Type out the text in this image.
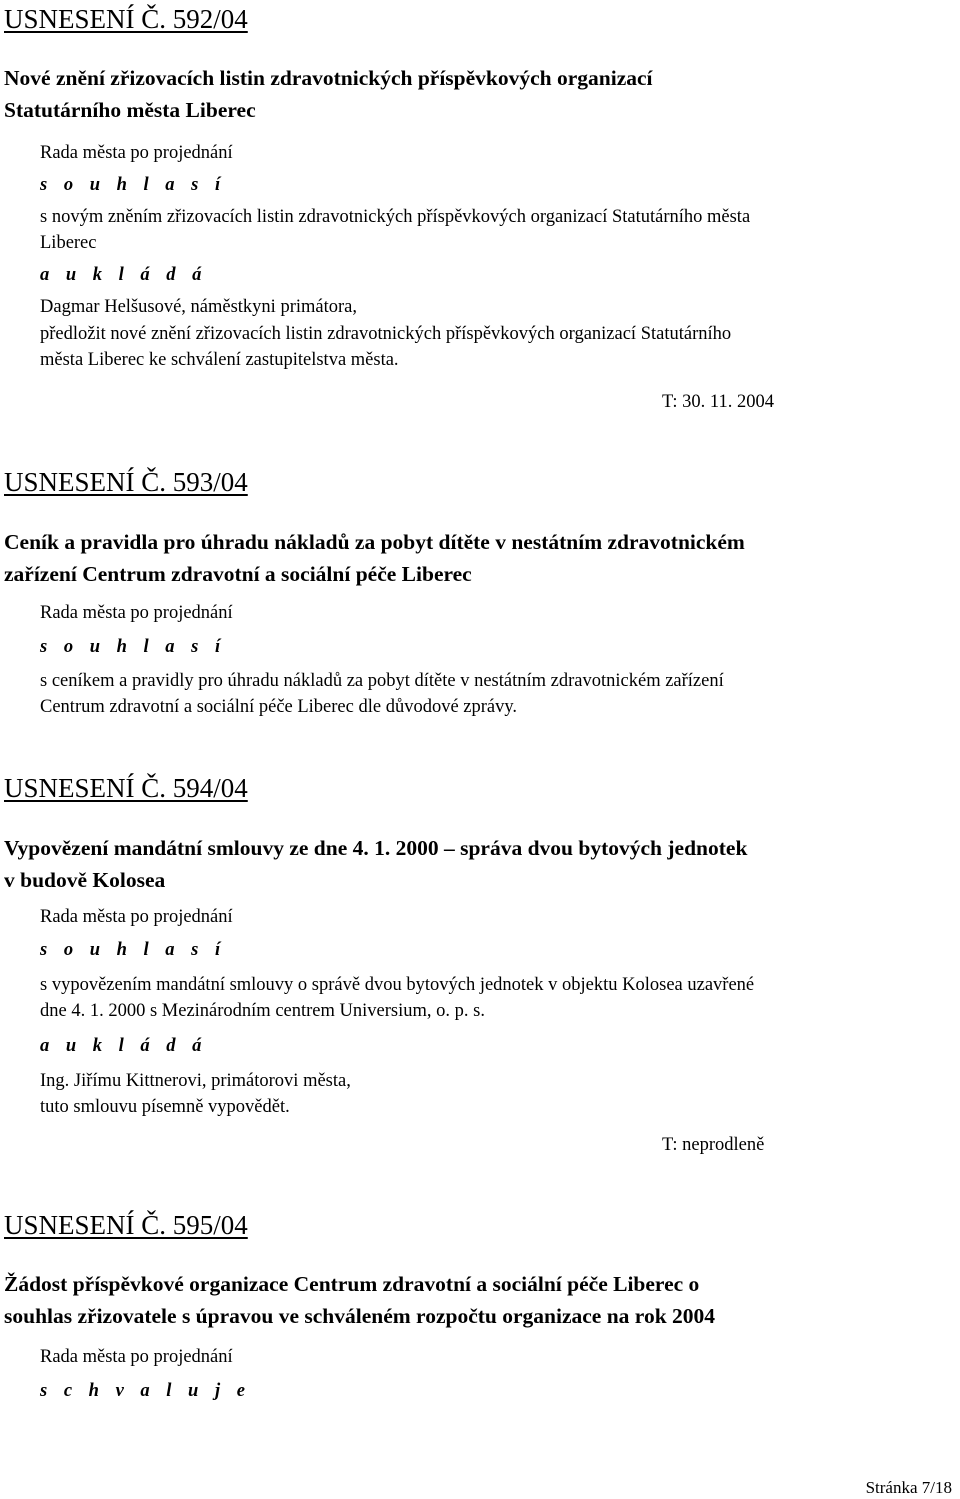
USNESENÍ Č. 592/04
Nové znění zřizovacích listin zdravotnických příspěvkových organizací
Statutárního města Liberec
Rada města po projednání
s o u h l a s í
s novým zněním zřizovacích listin zdravotnických příspěvkových organizací Statutárního města
Liberec
a u k l á d á
Dagmar Helšusové, náměstkyni primátora,
předložit nové znění zřizovacích listin zdravotnických příspěvkových organizací Statutárního
města Liberec ke schválení zastupitelstva města.
T: 30. 11. 2004
USNESENÍ Č. 593/04
Ceník a pravidla pro úhradu nákladů za pobyt dítěte v nestátním zdravotnickém
zařízení Centrum zdravotní a sociální péče Liberec
Rada města po projednání
s o u h l a s í
s ceníkem a pravidly pro úhradu nákladů za pobyt dítěte v nestátním zdravotnickém zařízení
Centrum zdravotní a sociální péče Liberec dle důvodové zprávy.
USNESENÍ Č. 594/04
Vypovězení mandátní smlouvy ze dne 4. 1. 2000 – správa dvou bytových jednotek
v budově Kolosea
Rada města po projednání
s o u h l a s í
s vypovězením mandátní smlouvy o správě dvou bytových jednotek v objektu Kolosea uzavřené
dne 4. 1. 2000 s Mezinárodním centrem Universium, o. p. s.
a u k l á d á
Ing. Jiřímu Kittnerovi, primátorovi města,
tuto smlouvu písemně vypovědět.
T: neprodleně
USNESENÍ Č. 595/04
Žádost příspěvkové organizace Centrum zdravotní a sociální péče Liberec o
souhlas zřizovatele s úpravou ve schváleném rozpočtu organizace na rok 2004
Rada města po projednání
s c h v a l u j e
Stránka 7/18
